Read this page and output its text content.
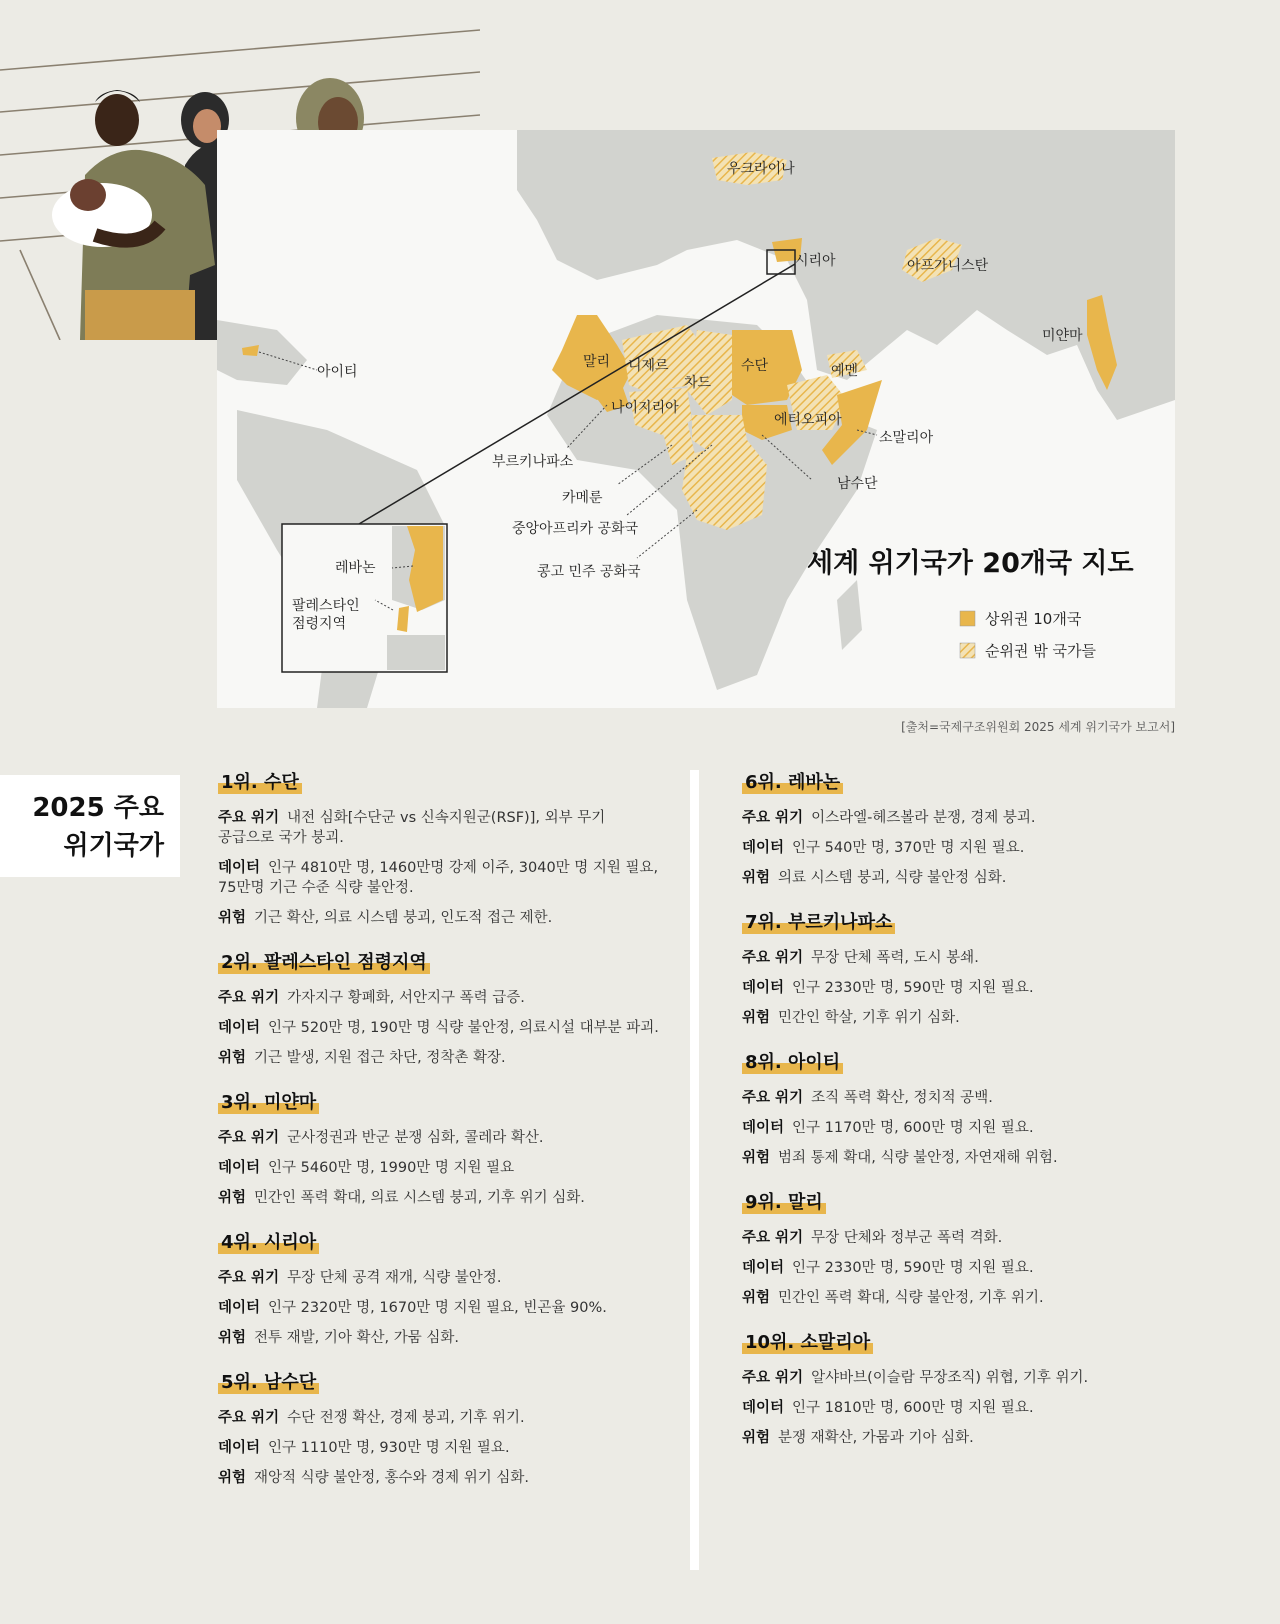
우크라이나
시리아	아프가니스탄
미얀마
아이티
말리 니제르
차드
수단	예멘
나이지리아
에티오피아
소말리아
부르키나파소
카메룬
남수단
중앙아프리카 공화국
콩고 민주 공화국
레바논
팔레스타인 점령지역
세계 위기국가 20개국 지도
상위권 10개국
순위권 밖 국가들
[출처=국제구조위원회 2025 세계 위기국가 보고서]
2025 주요
위기국가
1위. 수단
주요 위기 내전 심화[수단군 vs 신속지원군(RSF)], 외부 무기
공급으로 국가 붕괴.
데이터 인구 4810만 명, 1460만명 강제 이주, 3040만 명 지원 필요,
75만명 기근 수준 식량 불안정.
위험 기근 확산, 의료 시스템 붕괴, 인도적 접근 제한.
2위. 팔레스타인 점령지역
주요 위기 가자지구 황폐화, 서안지구 폭력 급증.
데이터 인구 520만 명, 190만 명 식량 불안정, 의료시설 대부분 파괴.
위험 기근 발생, 지원 접근 차단, 정착촌 확장.
3위. 미얀마
주요 위기 군사정권과 반군 분쟁 심화, 콜레라 확산.
데이터 인구 5460만 명, 1990만 명 지원 필요
위험 민간인 폭력 확대, 의료 시스템 붕괴, 기후 위기 심화.
4위. 시리아
주요 위기 무장 단체 공격 재개, 식량 불안정.
데이터 인구 2320만 명, 1670만 명 지원 필요, 빈곤율 90%.
위험 전투 재발, 기아 확산, 가뭄 심화.
5위. 남수단
주요 위기 수단 전쟁 확산, 경제 붕괴, 기후 위기.
데이터 인구 1110만 명, 930만 명 지원 필요.
위험 재앙적 식량 불안정, 홍수와 경제 위기 심화.
6위. 레바논
주요 위기 이스라엘-헤즈볼라 분쟁, 경제 붕괴.
데이터 인구 540만 명, 370만 명 지원 필요.
위험 의료 시스템 붕괴, 식량 불안정 심화.
7위. 부르키나파소
주요 위기 무장 단체 폭력, 도시 봉쇄.
데이터 인구 2330만 명, 590만 명 지원 필요.
위험 민간인 학살, 기후 위기 심화.
8위. 아이티
주요 위기 조직 폭력 확산, 정치적 공백.
데이터 인구 1170만 명, 600만 명 지원 필요.
위험 범죄 통제 확대, 식량 불안정, 자연재해 위험.
9위. 말리
주요 위기 무장 단체와 정부군 폭력 격화.
데이터 인구 2330만 명, 590만 명 지원 필요.
위험 민간인 폭력 확대, 식량 불안정, 기후 위기.
10위. 소말리아
주요 위기 알샤바브(이슬람 무장조직) 위협, 기후 위기.
데이터 인구 1810만 명, 600만 명 지원 필요.
위험 분쟁 재확산, 가뭄과 기아 심화.
